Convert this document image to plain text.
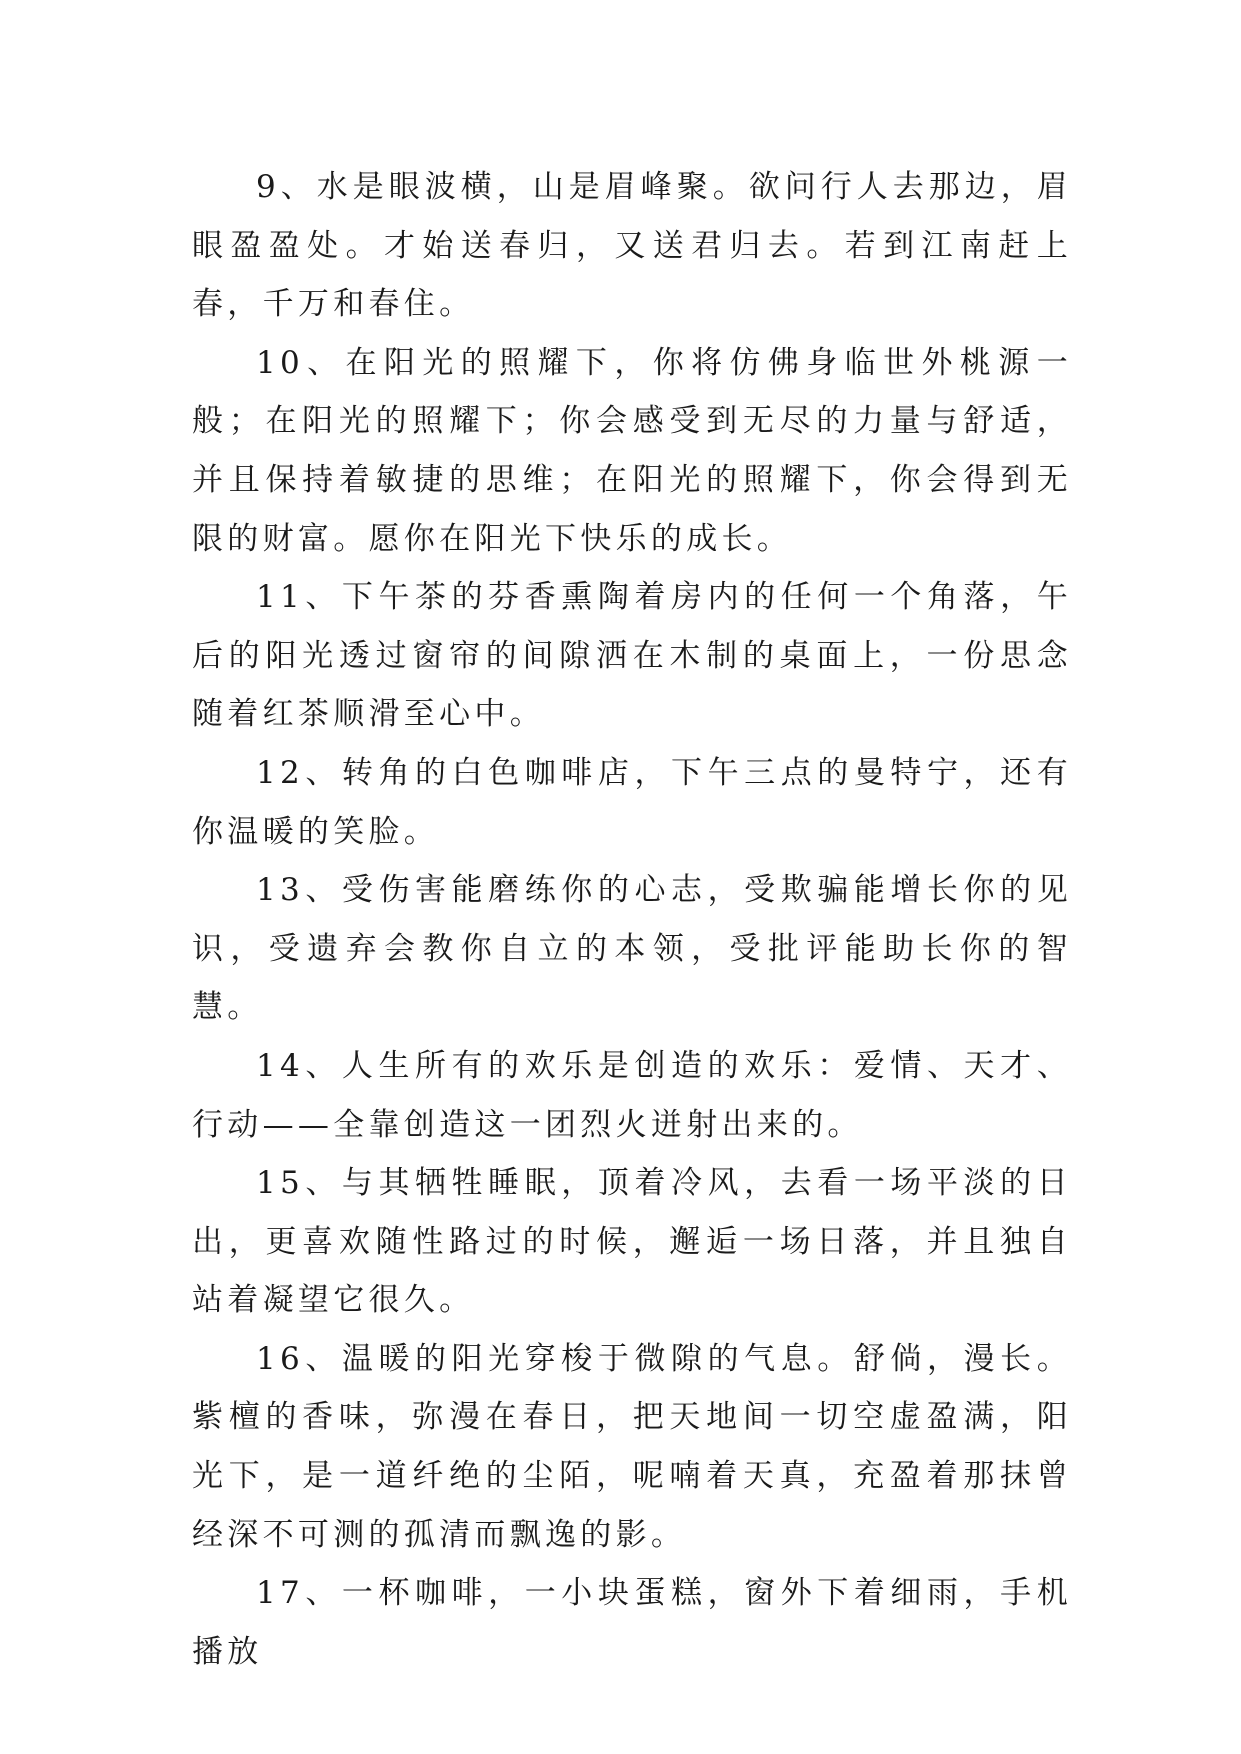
9、水是眼波横，山是眉峰聚。欲问行人去那边，眉眼盈盈处。才始送春归，又送君归去。若到江南赶上春，千万和春住。

10、在阳光的照耀下，你将仿佛身临世外桃源一般；在阳光的照耀下；你会感受到无尽的力量与舒适，并且保持着敏捷的思维；在阳光的照耀下，你会得到无限的财富。愿你在阳光下快乐的成长。

11、下午茶的芬香熏陶着房内的任何一个角落，午后的阳光透过窗帘的间隙洒在木制的桌面上，一份思念随着红茶顺滑至心中。

12、转角的白色咖啡店，下午三点的曼特宁，还有你温暖的笑脸。

13、受伤害能磨练你的心志，受欺骗能增长你的见识，受遗弃会教你自立的本领，受批评能助长你的智慧。

14、人生所有的欢乐是创造的欢乐：爱情、天才、行动——全靠创造这一团烈火迸射出来的。

15、与其牺牲睡眠，顶着冷风，去看一场平淡的日出，更喜欢随性路过的时候，邂逅一场日落，并且独自站着凝望它很久。

16、温暖的阳光穿梭于微隙的气息。舒倘，漫长。紫檀的香味，弥漫在春日，把天地间一切空虚盈满，阳光下，是一道纤绝的尘陌，呢喃着天真，充盈着那抹曾经深不可测的孤清而飘逸的影。

17、一杯咖啡，一小块蛋糕，窗外下着细雨，手机播放
